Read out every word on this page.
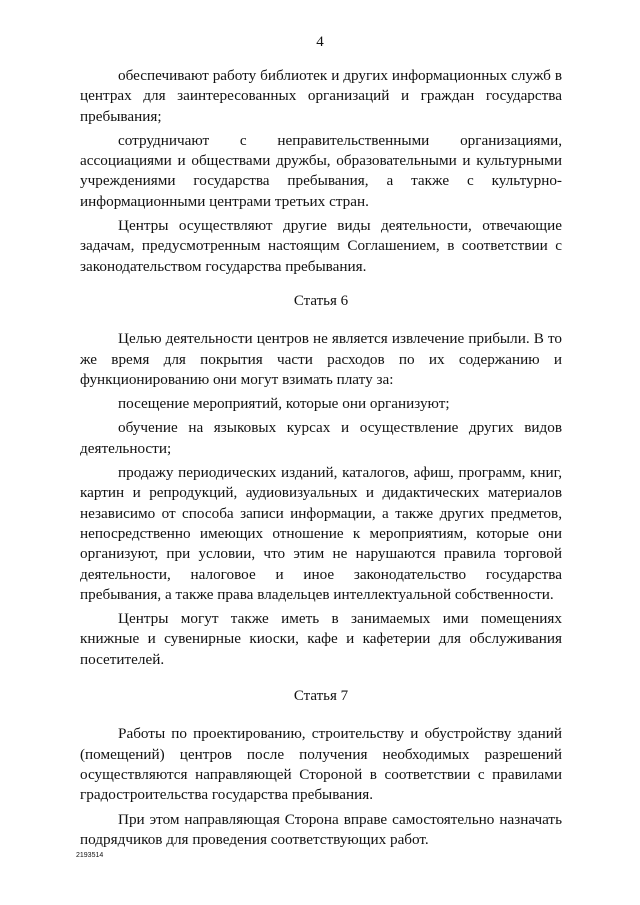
4

обеспечивают работу библиотек и других информационных служб в центрах для заинтересованных организаций и граждан государства пребывания;

сотрудничают с неправительственными организациями, ассоциациями и обществами дружбы, образовательными и культурными учреждениями государства пребывания, а также с культурно-информационными центрами третьих стран.

Центры осуществляют другие виды деятельности, отвечающие задачам, предусмотренным настоящим Соглашением, в соответствии с законодательством государства пребывания.

Статья 6

Целью деятельности центров не является извлечение прибыли. В то же время для покрытия части расходов по их содержанию и функционированию они могут взимать плату за:

посещение мероприятий, которые они организуют;

обучение на языковых курсах и осуществление других видов деятельности;

продажу периодических изданий, каталогов, афиш, программ, книг, картин и репродукций, аудиовизуальных и дидактических материалов независимо от способа записи информации, а также других предметов, непосредственно имеющих отношение к мероприятиям, которые они организуют, при условии, что этим не нарушаются правила торговой деятельности, налоговое и иное законодательство государства пребывания, а также права владельцев интеллектуальной собственности.

Центры могут также иметь в занимаемых ими помещениях книжные и сувенирные киоски, кафе и кафетерии для обслуживания посетителей.

Статья 7

Работы по проектированию, строительству и обустройству зданий (помещений) центров после получения необходимых разрешений осуществляются направляющей Стороной в соответствии с правилами градостроительства государства пребывания.

При этом направляющая Сторона вправе самостоятельно назначать подрядчиков для проведения соответствующих работ.

2193514
